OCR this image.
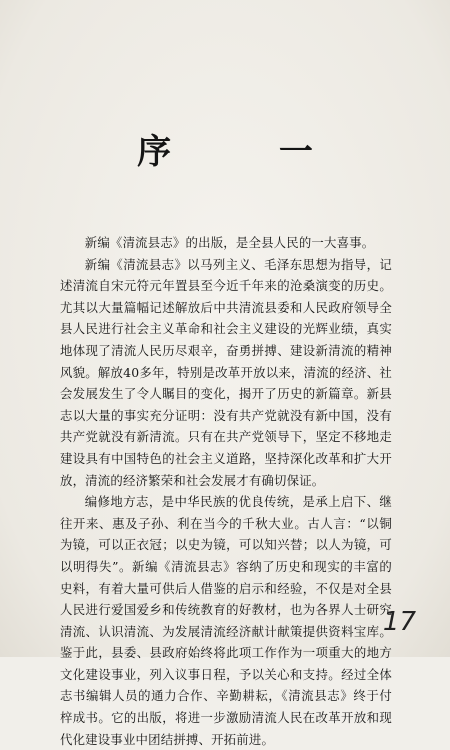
序 一

新编《清流县志》的出版，是全县人民的一大喜事。

新编《清流县志》以马列主义、毛泽东思想为指导，记述清流自宋元符元年置县至今近千年来的沧桑演变的历史。尤其以大量篇幅记述解放后中共清流县委和人民政府领导全县人民进行社会主义革命和社会主义建设的光辉业绩，真实地体现了清流人民历尽艰辛，奋勇拼搏、建设新清流的精神风貌。解放40多年，特别是改革开放以来，清流的经济、社会发展发生了令人瞩目的变化，揭开了历史的新篇章。新县志以大量的事实充分证明：没有共产党就没有新中国，没有共产党就没有新清流。只有在共产党领导下，坚定不移地走建设具有中国特色的社会主义道路，坚持深化改革和扩大开放，清流的经济繁荣和社会发展才有确切保证。

编修地方志，是中华民族的优良传统，是承上启下、继往开来、惠及子孙、利在当今的千秋大业。古人言：“以铜为镜，可以正衣冠；以史为镜，可以知兴替；以人为镜，可以明得失”。新编《清流县志》容纳了历史和现实的丰富的史料，有着大量可供后人借鉴的启示和经验，不仅是对全县人民进行爱国爱乡和传统教育的好教材，也为各界人士研究清流、认识清流、为发展清流经济献计献策提供资料宝库。鉴于此，县委、县政府始终将此项工作作为一项重大的地方文化建设事业，列入议事日程，予以关心和支持。经过全体志书编辑人员的通力合作、辛勤耕耘，《清流县志》终于付梓成书。它的出版，将进一步激励清流人民在改革开放和现代化建设事业中团结拼搏、开拓前进。

17
